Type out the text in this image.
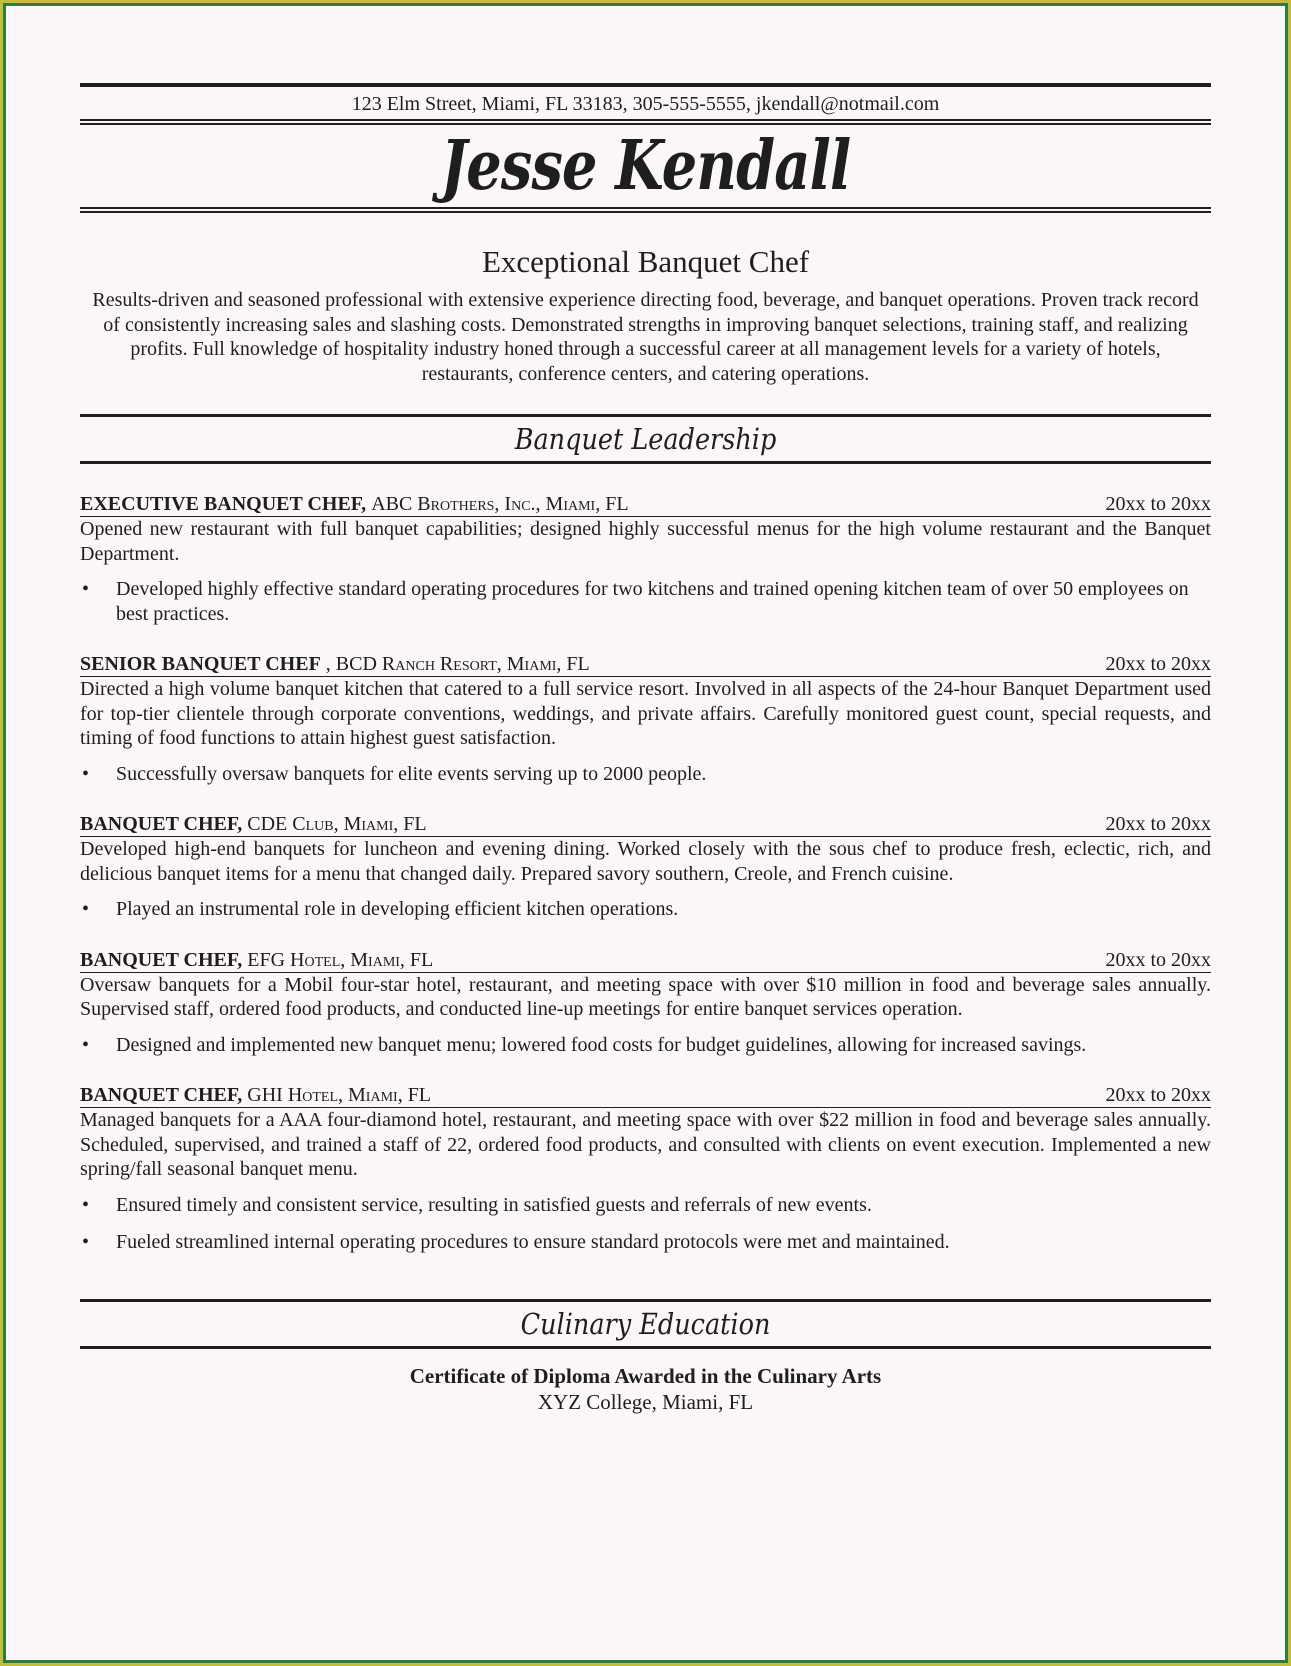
123 Elm Street, Miami, FL 33183, 305-555-5555, jkendall@notmail.com
Jesse Kendall
Exceptional Banquet Chef
Results-driven and seasoned professional with extensive experience directing food, beverage, and banquet operations. Proven track record of consistently increasing sales and slashing costs. Demonstrated strengths in improving banquet selections, training staff, and realizing profits. Full knowledge of hospitality industry honed through a successful career at all management levels for a variety of hotels, restaurants, conference centers, and catering operations.
Banquet Leadership
EXECUTIVE BANQUET CHEF, ABC Brothers, Inc., Miami, FL	20xx to 20xx
Opened new restaurant with full banquet capabilities; designed highly successful menus for the high volume restaurant and the Banquet Department.
• Developed highly effective standard operating procedures for two kitchens and trained opening kitchen team of over 50 employees on best practices.
SENIOR BANQUET CHEF , BCD Ranch Resort, Miami, FL	20xx to 20xx
Directed a high volume banquet kitchen that catered to a full service resort. Involved in all aspects of the 24-hour Banquet Department used for top-tier clientele through corporate conventions, weddings, and private affairs. Carefully monitored guest count, special requests, and timing of food functions to attain highest guest satisfaction.
• Successfully oversaw banquets for elite events serving up to 2000 people.
BANQUET CHEF, CDE Club, Miami, FL	20xx to 20xx
Developed high-end banquets for luncheon and evening dining. Worked closely with the sous chef to produce fresh, eclectic, rich, and delicious banquet items for a menu that changed daily. Prepared savory southern, Creole, and French cuisine.
• Played an instrumental role in developing efficient kitchen operations.
BANQUET CHEF, EFG Hotel, Miami, FL	20xx to 20xx
Oversaw banquets for a Mobil four-star hotel, restaurant, and meeting space with over $10 million in food and beverage sales annually. Supervised staff, ordered food products, and conducted line-up meetings for entire banquet services operation.
• Designed and implemented new banquet menu; lowered food costs for budget guidelines, allowing for increased savings.
BANQUET CHEF, GHI Hotel, Miami, FL	20xx to 20xx
Managed banquets for a AAA four-diamond hotel, restaurant, and meeting space with over $22 million in food and beverage sales annually. Scheduled, supervised, and trained a staff of 22, ordered food products, and consulted with clients on event execution. Implemented a new spring/fall seasonal banquet menu.
• Ensured timely and consistent service, resulting in satisfied guests and referrals of new events.
• Fueled streamlined internal operating procedures to ensure standard protocols were met and maintained.
Culinary Education
Certificate of Diploma Awarded in the Culinary Arts
XYZ College, Miami, FL
